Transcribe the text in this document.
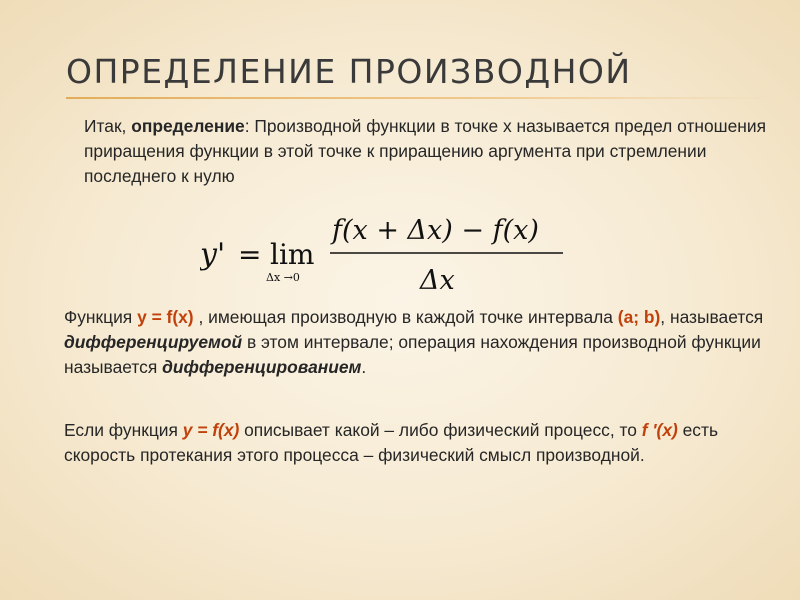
ОПРЕДЕЛЕНИЕ ПРОИЗВОДНОЙ
Итак, определение: Производной функции в точке х называется предел отношения приращения функции в этой точке к приращению аргумента при стремлении последнего к нулю
y' = lim
Δx →0
f(x + Δx) − f(x)
Δx
Функция y = f(x) , имеющая производную в каждой точке интервала (a; b), называется дифференцируемой в этом интервале; операция нахождения производной функции называется дифференцированием.
Если функция y = f(x) описывает какой – либо физический процесс, то f '(x) есть скорость протекания этого процесса – физический смысл производной.
